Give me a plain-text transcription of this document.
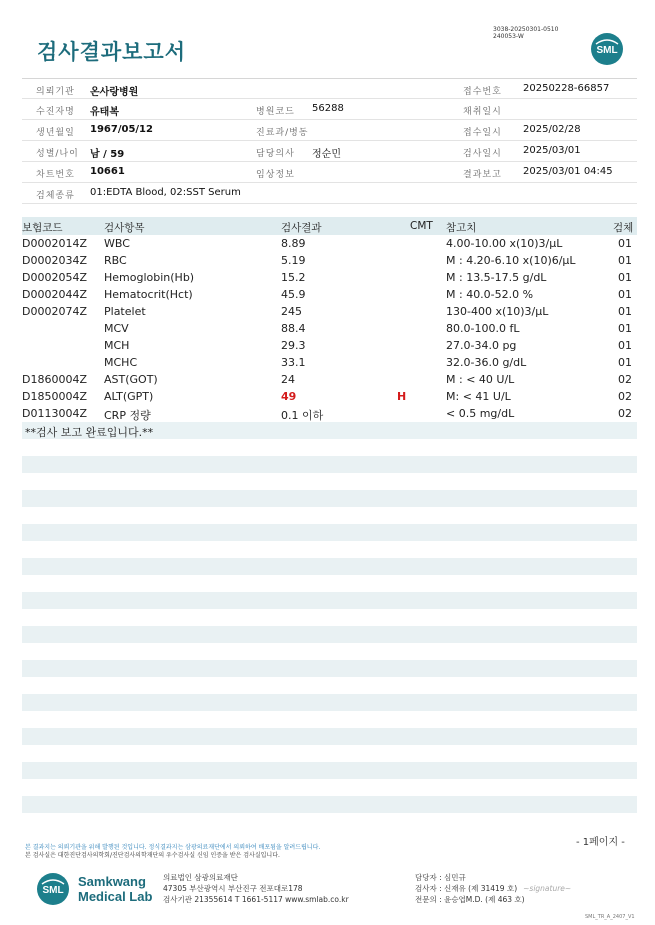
검사결과보고서
3038-20250301-0510
240053-W
SML
의뢰기관 온사랑병원	접수번호 20250228-66857
수진자명 유태복	병원코드 56288	채취일시
생년월일 1967/05/12	진료과/병동	접수일시 2025/02/28
성별/나이 남 / 59	담당의사 정순민	검사일시 2025/03/01
차트번호 10661	임상정보	결과보고 2025/03/01 04:45
검체종류 01:EDTA Blood, 02:SST Serum
보험코드	검사항목	검사결과	CMT 참고치	검체
D0002014Z WBC	8.89	4.00-10.00 x(10)3/μL	01
D0002034Z RBC	5.19	M : 4.20-6.10 x(10)6/μL	01
D0002054Z Hemoglobin(Hb)	15.2	M : 13.5-17.5 g/dL	01
D0002044Z Hematocrit(Hct)	45.9	M : 40.0-52.0 %	01
D0002074Z Platelet	245	130-400 x(10)3/μL	01
MCV	88.4	80.0-100.0 fL	01
MCH	29.3	27.0-34.0 pg	01
MCHC	33.1	32.0-36.0 g/dL	01
D1860004Z AST(GOT)	24	M : < 40 U/L	02
D1850004Z ALT(GPT)	49	H	M: < 41 U/L	02
D0113004Z CRP 정량	0.1 이하	< 0.5 mg/dL	02
**검사 보고 완료입니다.**
- 1페이지 -
본 결과지는 의뢰기관을 위해 발행된 것입니다. 정식결과지는 삼광의료재단에서 의뢰하여 배포됨을 알려드립니다.
본 검사실은 대한진단검사의학회/진단검사의학재단의 우수검사실 신임 인증을 받은 검사실입니다.
SML
Samkwang
Medical Lab
의료법인 삼광의료재단
47305 부산광역시 부산진구 전포대로178
검사기관 21355614 T 1661-5117 www.smlab.co.kr
담당자 : 심민규
검사자 : 신재유 (제 31419 호) ~signature~
전문의 : 윤승엽M.D. (제 463 호)
SML_TR_A_2407_V1
